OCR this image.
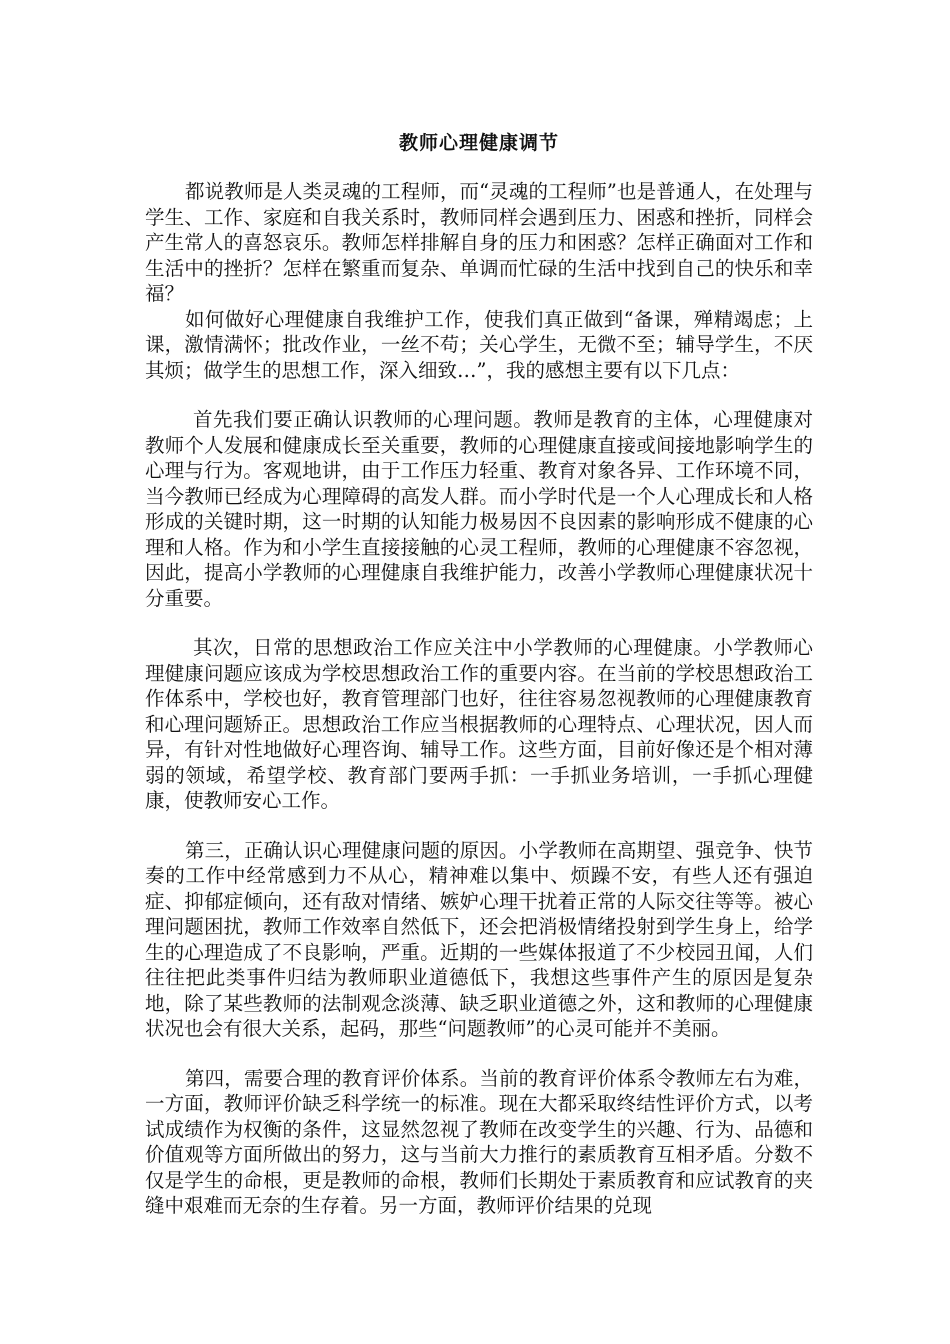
教师心理健康调节

都说教师是人类灵魂的工程师，而“灵魂的工程师”也是普通人，在处理与学生、工作、家庭和自我关系时，教师同样会遇到压力、困惑和挫折，同样会产生常人的喜怒哀乐。教师怎样排解自身的压力和困惑？怎样正确面对工作和生活中的挫折？怎样在繁重而复杂、单调而忙碌的生活中找到自己的快乐和幸福？

如何做好心理健康自我维护工作，使我们真正做到“备课，殚精竭虑；上课，激情满怀；批改作业，一丝不苟；关心学生，无微不至；辅导学生，不厌其烦；做学生的思想工作，深入细致…”，我的感想主要有以下几点：

首先我们要正确认识教师的心理问题。教师是教育的主体，心理健康对教师个人发展和健康成长至关重要，教师的心理健康直接或间接地影响学生的心理与行为。客观地讲，由于工作压力轻重、教育对象各异、工作环境不同，当今教师已经成为心理障碍的高发人群。而小学时代是一个人心理成长和人格形成的关键时期，这一时期的认知能力极易因不良因素的影响形成不健康的心理和人格。作为和小学生直接接触的心灵工程师，教师的心理健康不容忽视，因此，提高小学教师的心理健康自我维护能力，改善小学教师心理健康状况十分重要。

其次，日常的思想政治工作应关注中小学教师的心理健康。小学教师心理健康问题应该成为学校思想政治工作的重要内容。在当前的学校思想政治工作体系中，学校也好，教育管理部门也好，往往容易忽视教师的心理健康教育和心理问题矫正。思想政治工作应当根据教师的心理特点、心理状况，因人而异，有针对性地做好心理咨询、辅导工作。这些方面，目前好像还是个相对薄弱的领域，希望学校、教育部门要两手抓：一手抓业务培训，一手抓心理健康，使教师安心工作。

第三，正确认识心理健康问题的原因。小学教师在高期望、强竞争、快节奏的工作中经常感到力不从心，精神难以集中、烦躁不安，有些人还有强迫症、抑郁症倾向，还有敌对情绪、嫉妒心理干扰着正常的人际交往等等。被心理问题困扰，教师工作效率自然低下，还会把消极情绪投射到学生身上，给学生的心理造成了不良影响，严重。近期的一些媒体报道了不少校园丑闻，人们往往把此类事件归结为教师职业道德低下，我想这些事件产生的原因是复杂地，除了某些教师的法制观念淡薄、缺乏职业道德之外，这和教师的心理健康状况也会有很大关系，起码，那些“问题教师”的心灵可能并不美丽。

第四，需要合理的教育评价体系。当前的教育评价体系令教师左右为难，一方面，教师评价缺乏科学统一的标准。现在大都采取终结性评价方式，以考试成绩作为权衡的条件，这显然忽视了教师在改变学生的兴趣、行为、品德和价值观等方面所做出的努力，这与当前大力推行的素质教育互相矛盾。分数不仅是学生的命根，更是教师的命根，教师们长期处于素质教育和应试教育的夹缝中艰难而无奈的生存着。另一方面，教师评价结果的兑现
